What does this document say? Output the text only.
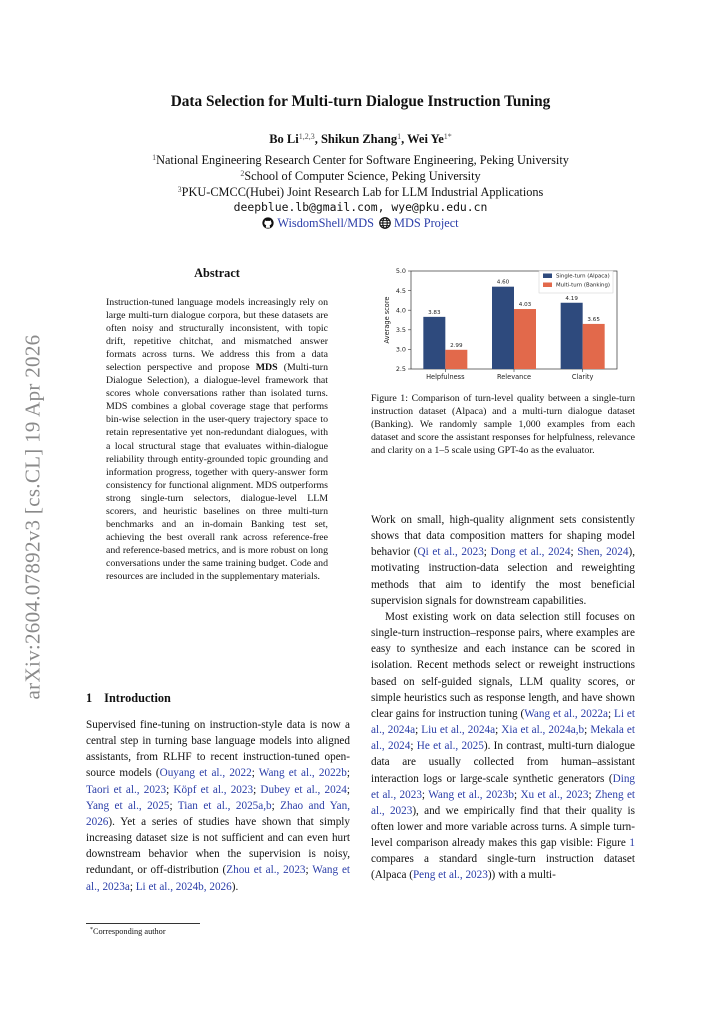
arXiv:2604.07892v3 [cs.CL] 19 Apr 2026
Data Selection for Multi-turn Dialogue Instruction Tuning
Bo Li$^{1,2,3}$, Shikun Zhang$^1$, Wei $Ye^{1*}$
$^1$National Engineering Research Center for Software Engineering, Peking University
$^2$School of Computer Science, Peking University
$^3$PKU-CMCC(Hubei) Joint Research Lab for LLM Industrial Applications
deepblue.lb@gmail.com, wye@pku.edu.cn
WisdomShell/MDS MDS Project
Abstract
Instruction-tuned language models increasingly rely on large multi-turn dialogue corpora, but these datasets are often noisy and structurally inconsistent, with topic drift, repetitive chitchat, and mismatched answer formats across turns. We address this from a data selection perspective and propose MDS (Multi-turn Dialogue Selection), a dialogue-level framework that scores whole conversations rather than isolated turns. MDS combines a global coverage stage that performs bin-wise selection in the user-query trajectory space to retain representative yet non-redundant dialogues, with a local structural stage that evaluates within-dialogue reliability through entity-grounded topic grounding and information progress, together with query-answer form consistency for functional alignment. MDS outperforms strong single-turn selectors, dialogue-level LLM scorers, and heuristic baselines on three multi-turn benchmarks and an in-domain Banking test set, achieving the best overall rank across reference-free and reference-based metrics, and is more robust on long conversations under the same training budget. Code and resources are included in the supplementary materials.
1 Introduction
Supervised fine-tuning on instruction-style data is now a central step in turning base language models into aligned assistants, from RLHF to recent instruction-tuned open-source models (Ouyang et al., 2022; Wang et al., 2022b; Taori et al., 2023; Köpf et al., 2023; Dubey et al., 2024; Yang et al., 2025; Tian et al., 2025a,b; Zhao and Yan, 2026). Yet a series of studies have shown that simply increasing dataset size is not sufficient and can even hurt downstream behavior when the supervision is noisy, redundant, or off-distribution (Zhou et al., 2023; Wang et al., 2023a; Li et al., 2024b, 2026).
*Corresponding author
2.5
3.0
3.5
4.0
4.5
5.0
Average score
Helpfulness
3.83
2.99
Relevance
4.60
4.03
Clarity
4.19
3.65
Single-turn (Alpaca)
Multi-turn (Banking)
Figure 1: Comparison of turn-level quality between a single-turn instruction dataset (Alpaca) and a multi-turn dialogue dataset (Banking). We randomly sample 1,000 examples from each dataset and score the assistant responses for helpfulness, relevance and clarity on a 1–5 scale using GPT-4o as the evaluator.

Work on small, high-quality alignment sets consistently shows that data composition matters for shaping model behavior (Qi et al., 2023; Dong et al., 2024; Shen, 2024), motivating instruction-data selection and reweighting methods that aim to identify the most beneficial supervision signals for downstream capabilities.

Most existing work on data selection still focuses on single-turn instruction–response pairs, where examples are easy to synthesize and each instance can be scored in isolation. Recent methods select or reweight instructions based on self-guided signals, LLM quality scores, or simple heuristics such as response length, and have shown clear gains for instruction tuning (Wang et al., 2022a; Li et al., 2024a; Liu et al., 2024a; Xia et al., 2024a,b; Mekala et al., 2024; He et al., 2025). In contrast, multi-turn dialogue data are usually collected from human–assistant interaction logs or large-scale synthetic generators (Ding et al., 2023; Wang et al., 2023b; Xu et al., 2023; Zheng et al., 2023), and we empirically find that their quality is often lower and more variable across turns. A simple turn-level comparison already makes this gap visible: Figure 1 compares a standard single-turn instruction dataset (Alpaca (Peng et al., 2023)) with a multi-
